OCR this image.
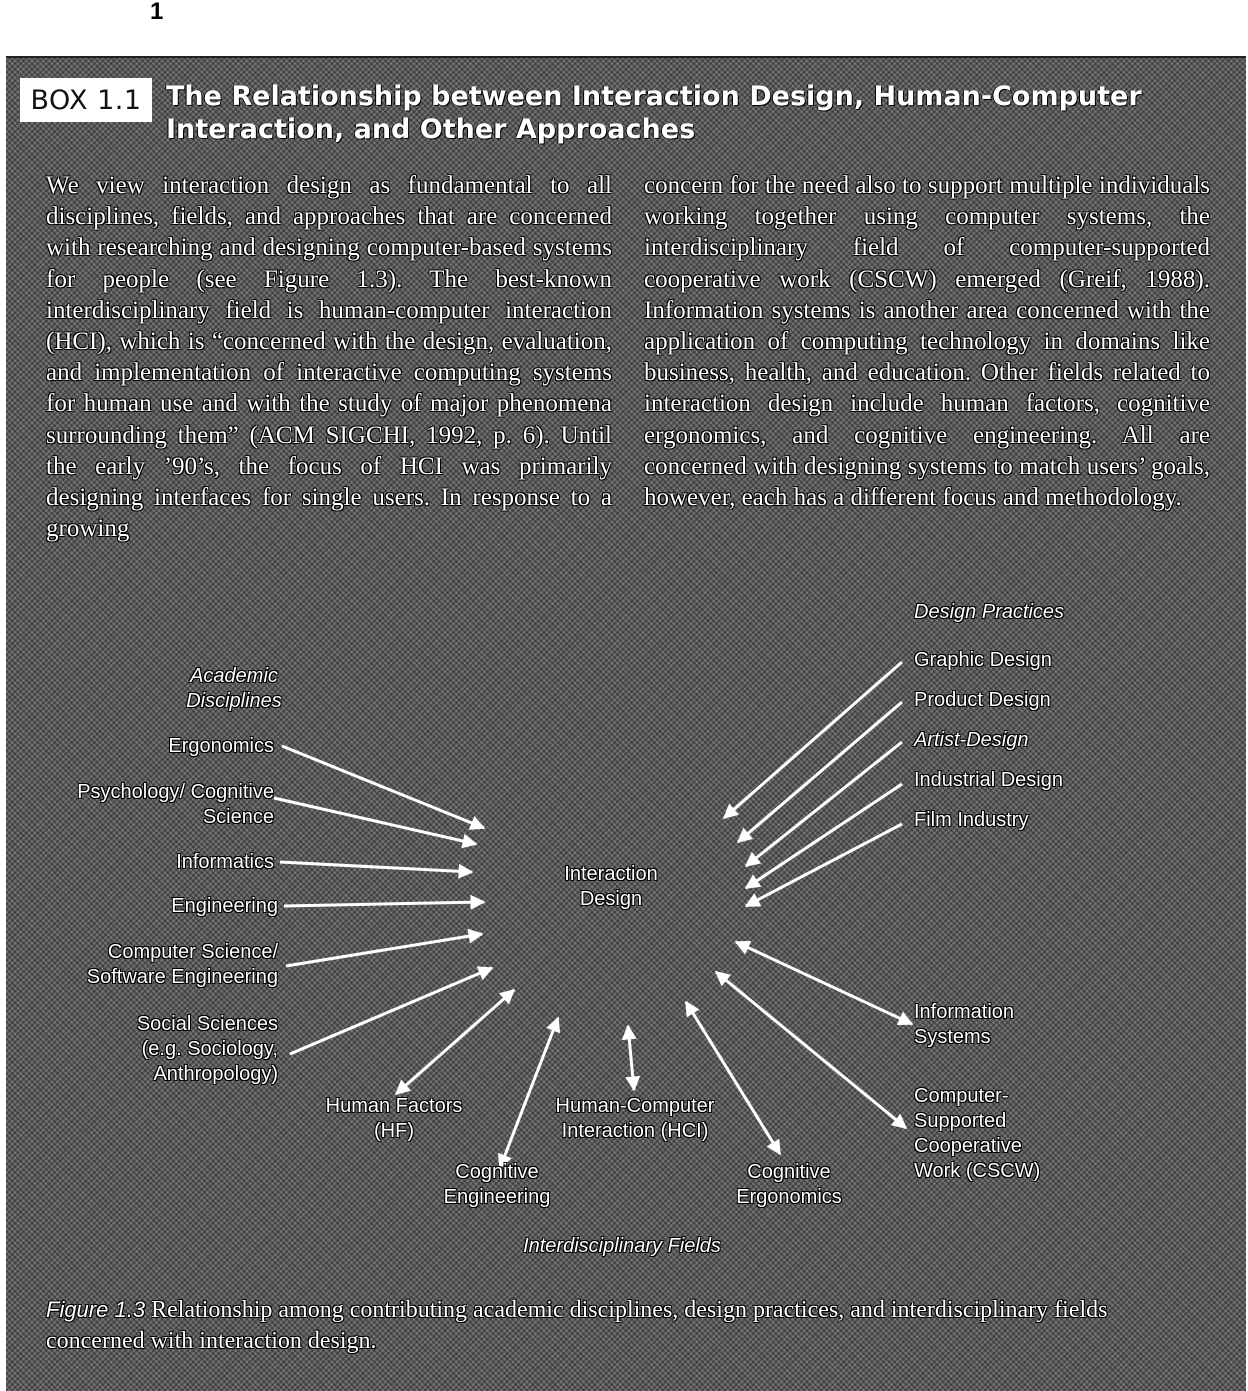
1
BOX 1.1 The Relationship between Interaction Design, Human-Computer Interaction, and Other Approaches

We view interaction design as fundamental to all disciplines, fields, and approaches that are concerned with researching and designing computer-based systems for people (see Figure 1.3). The best-known interdisciplinary field is human-computer interaction (HCI), which is “concerned with the design, evaluation, and implementation of interactive computing systems for human use and with the study of major phenomena surrounding them” (ACM SIGCHI, 1992, p. 6). Until the early ’90’s, the focus of HCI was primarily designing interfaces for single users. In response to a growing

concern for the need also to support multiple individuals working together using computer systems, the interdisciplinary field of computer-supported cooperative work (CSCW) emerged (Greif, 1988). Information systems is another area concerned with the application of computing technology in domains like business, health, and education. Other fields related to interaction design include human factors, cognitive ergonomics, and cognitive engineering. All are concerned with designing systems to match users’ goals, however, each has a different focus and methodology.

Interaction Design
Academic Disciplines
Ergonomics
Psychology/ Cognitive Science
Informatics
Engineering
Computer Science/ Software Engineering
Social Sciences (e.g. Sociology, Anthropology)
Design Practices
Graphic Design
Product Design
Artist-Design
Industrial Design
Film Industry
Human Factors (HF)
Cognitive Engineering
Human-Computer Interaction (HCI)
Cognitive Ergonomics
Information Systems
Computer-Supported Cooperative Work (CSCW)
Interdisciplinary Fields
Figure 1.3 Relationship among contributing academic disciplines, design practices, and interdisciplinary fields concerned with interaction design.
